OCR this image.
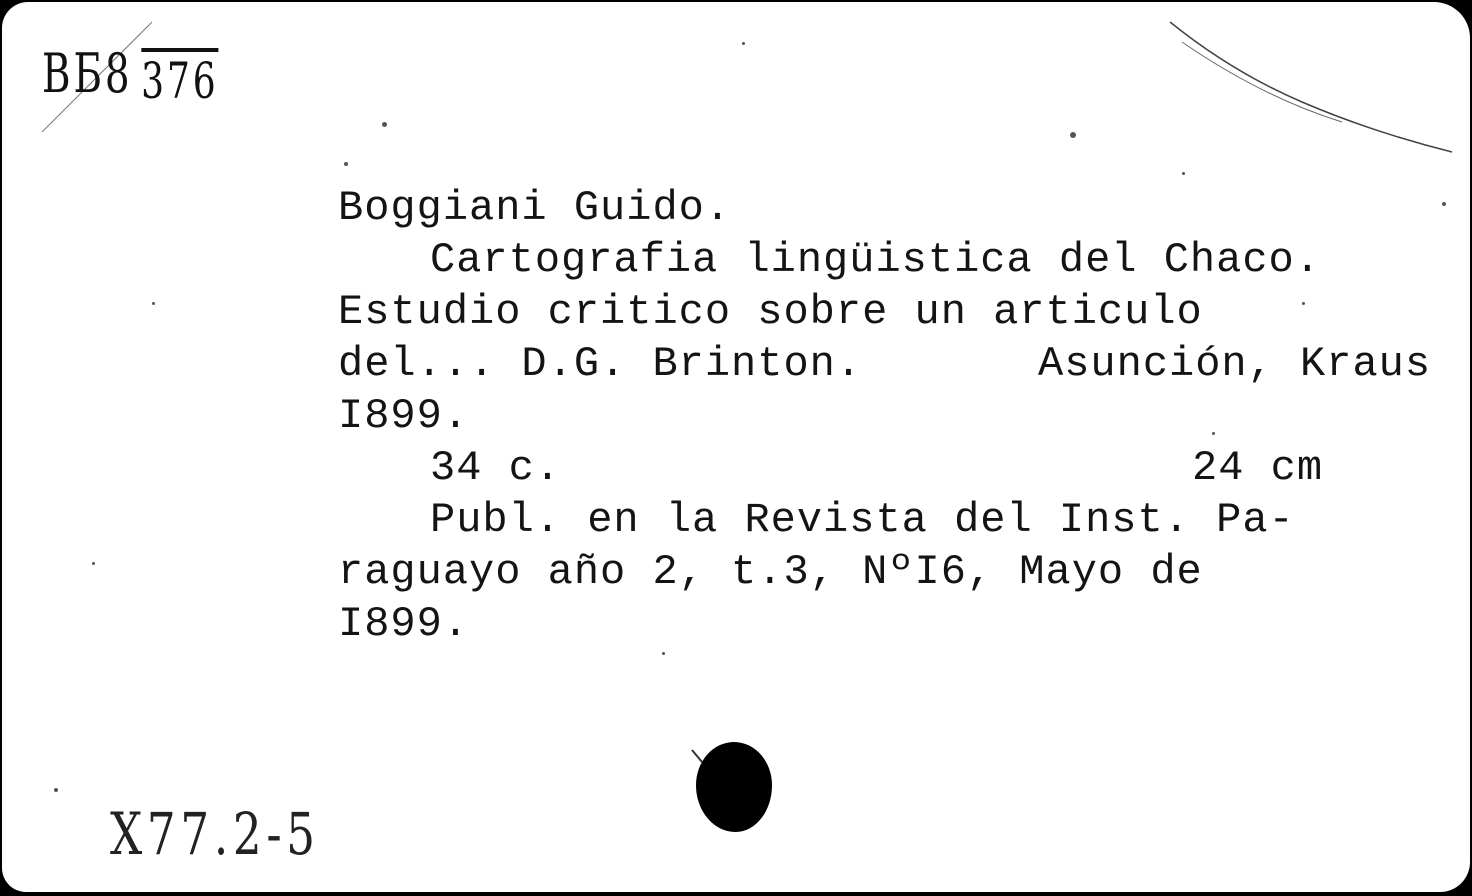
BБ8 376
Boggiani Guido.
Cartografia lingüistica del Chaco.
Estudio critico sobre un articulo
del... D.G. Brinton.	Asunción, Kraus
I899.
34 c.	24 cm
Publ. en la Revista del Inst. Pa-
raguayo año 2, t.3, NºI6, Mayo de
I899.
Х77.2-5
